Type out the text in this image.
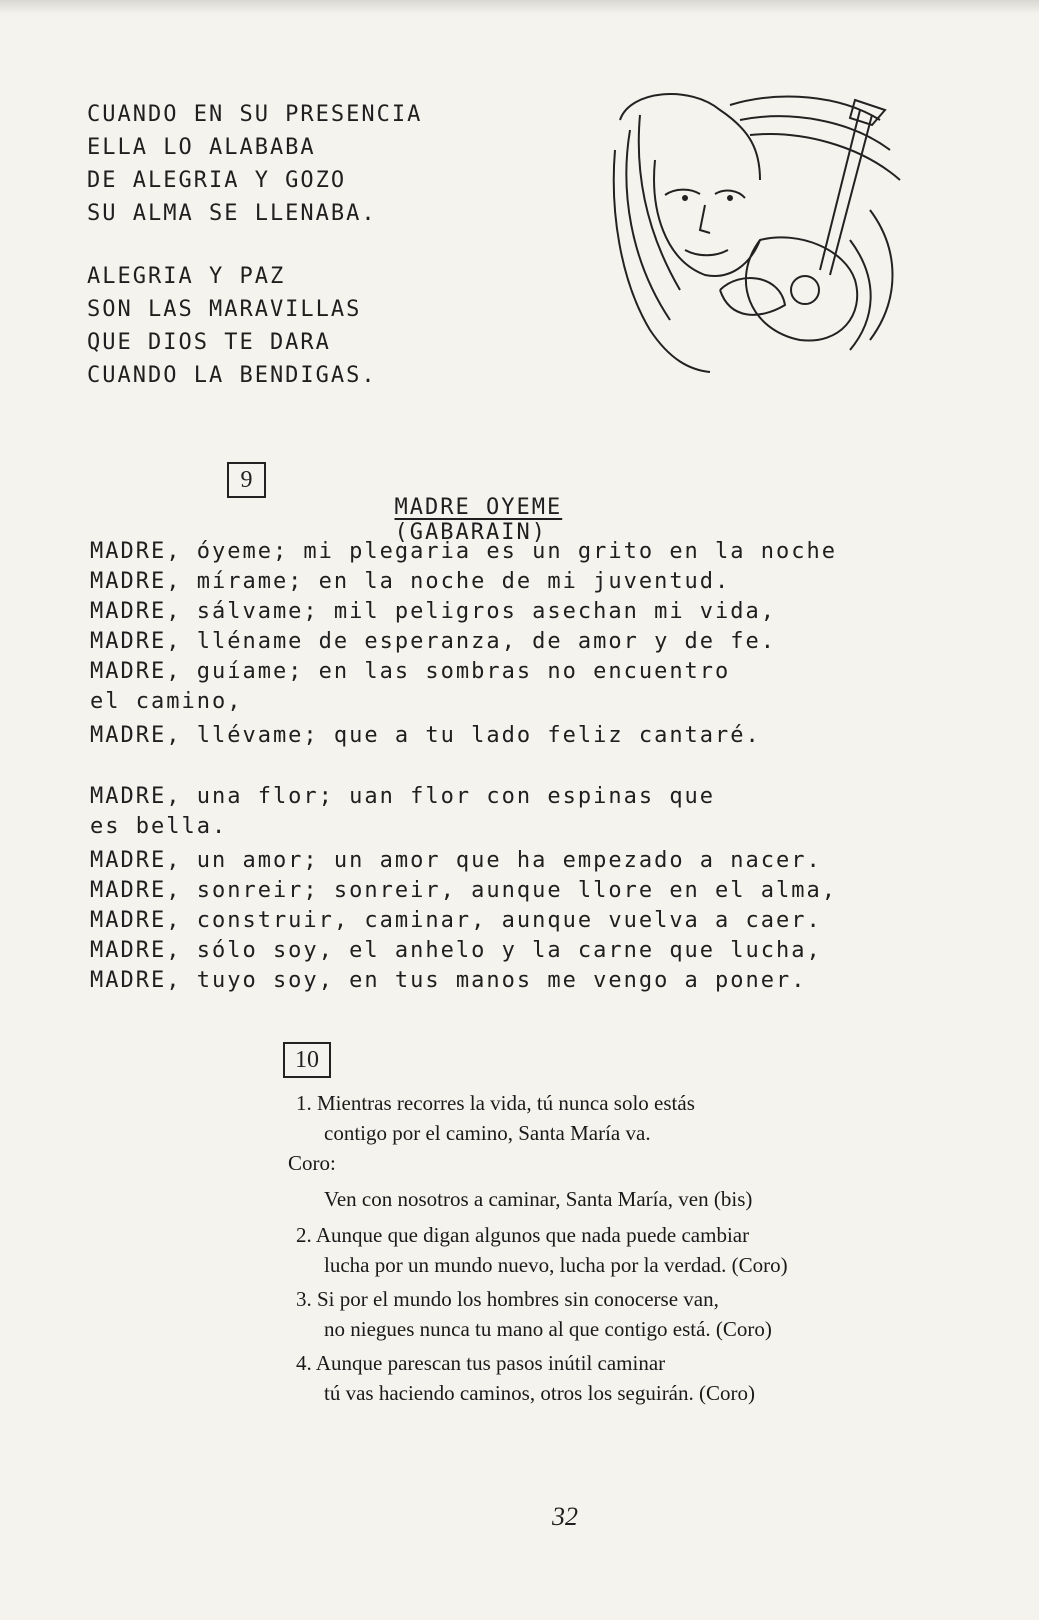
CUANDO EN SU PRESENCIA
ELLA LO ALABABA
DE ALEGRIA Y GOZO
SU ALMA SE LLENABA.
ALEGRIA Y PAZ
SON LAS MARAVILLAS
QUE DIOS TE DARA
CUANDO LA BENDIGAS.
9

MADRE OYEME
(GABARAIN)

MADRE, óyeme; mi plegaria es un grito en la noche
MADRE, mírame; en la noche de mi juventud.
MADRE, sálvame; mil peligros asechan mi vida,
MADRE, lléname de esperanza, de amor y de fe.
MADRE, guíame; en las sombras no encuentro
el camino,
MADRE, llévame; que a tu lado feliz cantaré.
MADRE, una flor; uan flor con espinas que
es bella.
MADRE, un amor; un amor que ha empezado a nacer.
MADRE, sonreir; sonreir, aunque llore en el alma,
MADRE, construir, caminar, aunque vuelva a caer.
MADRE, sólo soy, el anhelo y la carne que lucha,
MADRE, tuyo soy, en tus manos me vengo a poner.
10
1. Mientras recorres la vida, tú nunca solo estás
contigo por el camino, Santa María va.
Coro:
Ven con nosotros a caminar, Santa María, ven (bis)
2. Aunque que digan algunos que nada puede cambiar
lucha por un mundo nuevo, lucha por la verdad. (Coro)
3. Si por el mundo los hombres sin conocerse van,
no niegues nunca tu mano al que contigo está. (Coro)
4. Aunque parescan tus pasos inútil caminar
tú vas haciendo caminos, otros los seguirán. (Coro)
32
